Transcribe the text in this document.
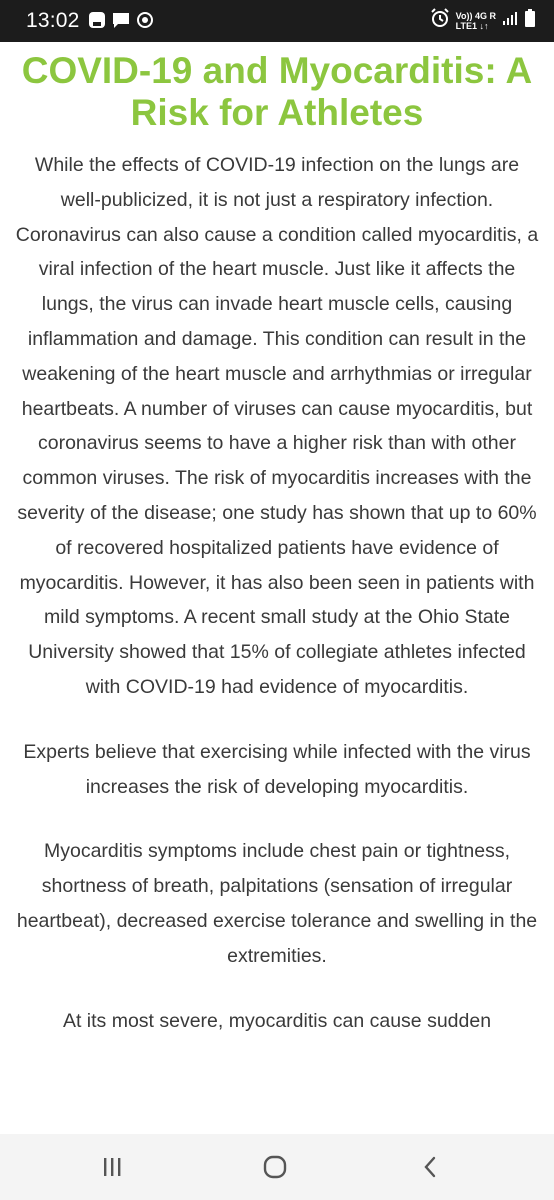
13:02	Vo)) 4G R
LTE1 ↓↑
COVID-19 and Myocarditis: A Risk for Athletes

While the effects of COVID-19 infection on the lungs are well-publicized, it is not just a respiratory infection. Coronavirus can also cause a condition called myocarditis, a viral infection of the heart muscle. Just like it affects the lungs, the virus can invade heart muscle cells, causing inflammation and damage. This condition can result in the weakening of the heart muscle and arrhythmias or irregular heartbeats. A number of viruses can cause myocarditis, but coronavirus seems to have a higher risk than with other common viruses. The risk of myocarditis increases with the severity of the disease; one study has shown that up to 60% of recovered hospitalized patients have evidence of myocarditis. However, it has also been seen in patients with mild symptoms. A recent small study at the Ohio State University showed that 15% of collegiate athletes infected with COVID-19 had evidence of myocarditis.

Experts believe that exercising while infected with the virus increases the risk of developing myocarditis.

Myocarditis symptoms include chest pain or tightness, shortness of breath, palpitations (sensation of irregular heartbeat), decreased exercise tolerance and swelling in the extremities.

At its most severe, myocarditis can cause sudden
